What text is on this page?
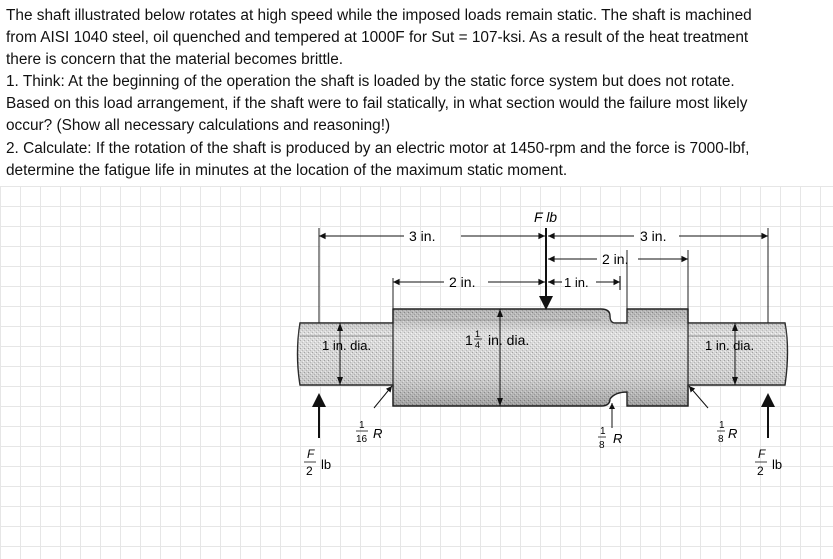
The shaft illustrated below rotates at high speed while the imposed loads remain static. The shaft is machined
from AISI 1040 steel, oil quenched and tempered at 1000F for Sut = 107-ksi. As a result of the heat treatment
there is concern that the material becomes brittle.
1. Think: At the beginning of the operation the shaft is loaded by the static force system but does not rotate.
Based on this load arrangement, if the shaft were to fail statically, in what section would the failure most likely
occur? (Show all necessary calculations and reasoning!)
2. Calculate: If the rotation of the shaft is produced by an electric motor at 1450-rpm and the force is 7000-lbf,
determine the fatigue life in minutes at the location of the maximum static moment.
F lb
3 in.	3 in.
2 in.
2 in.	1 in.
1 in. dia.	1 1
4 in. dia.	1 in. dia.
1
16 R	1
8 R
1
8 R
F
2 lb
F
2 lb
